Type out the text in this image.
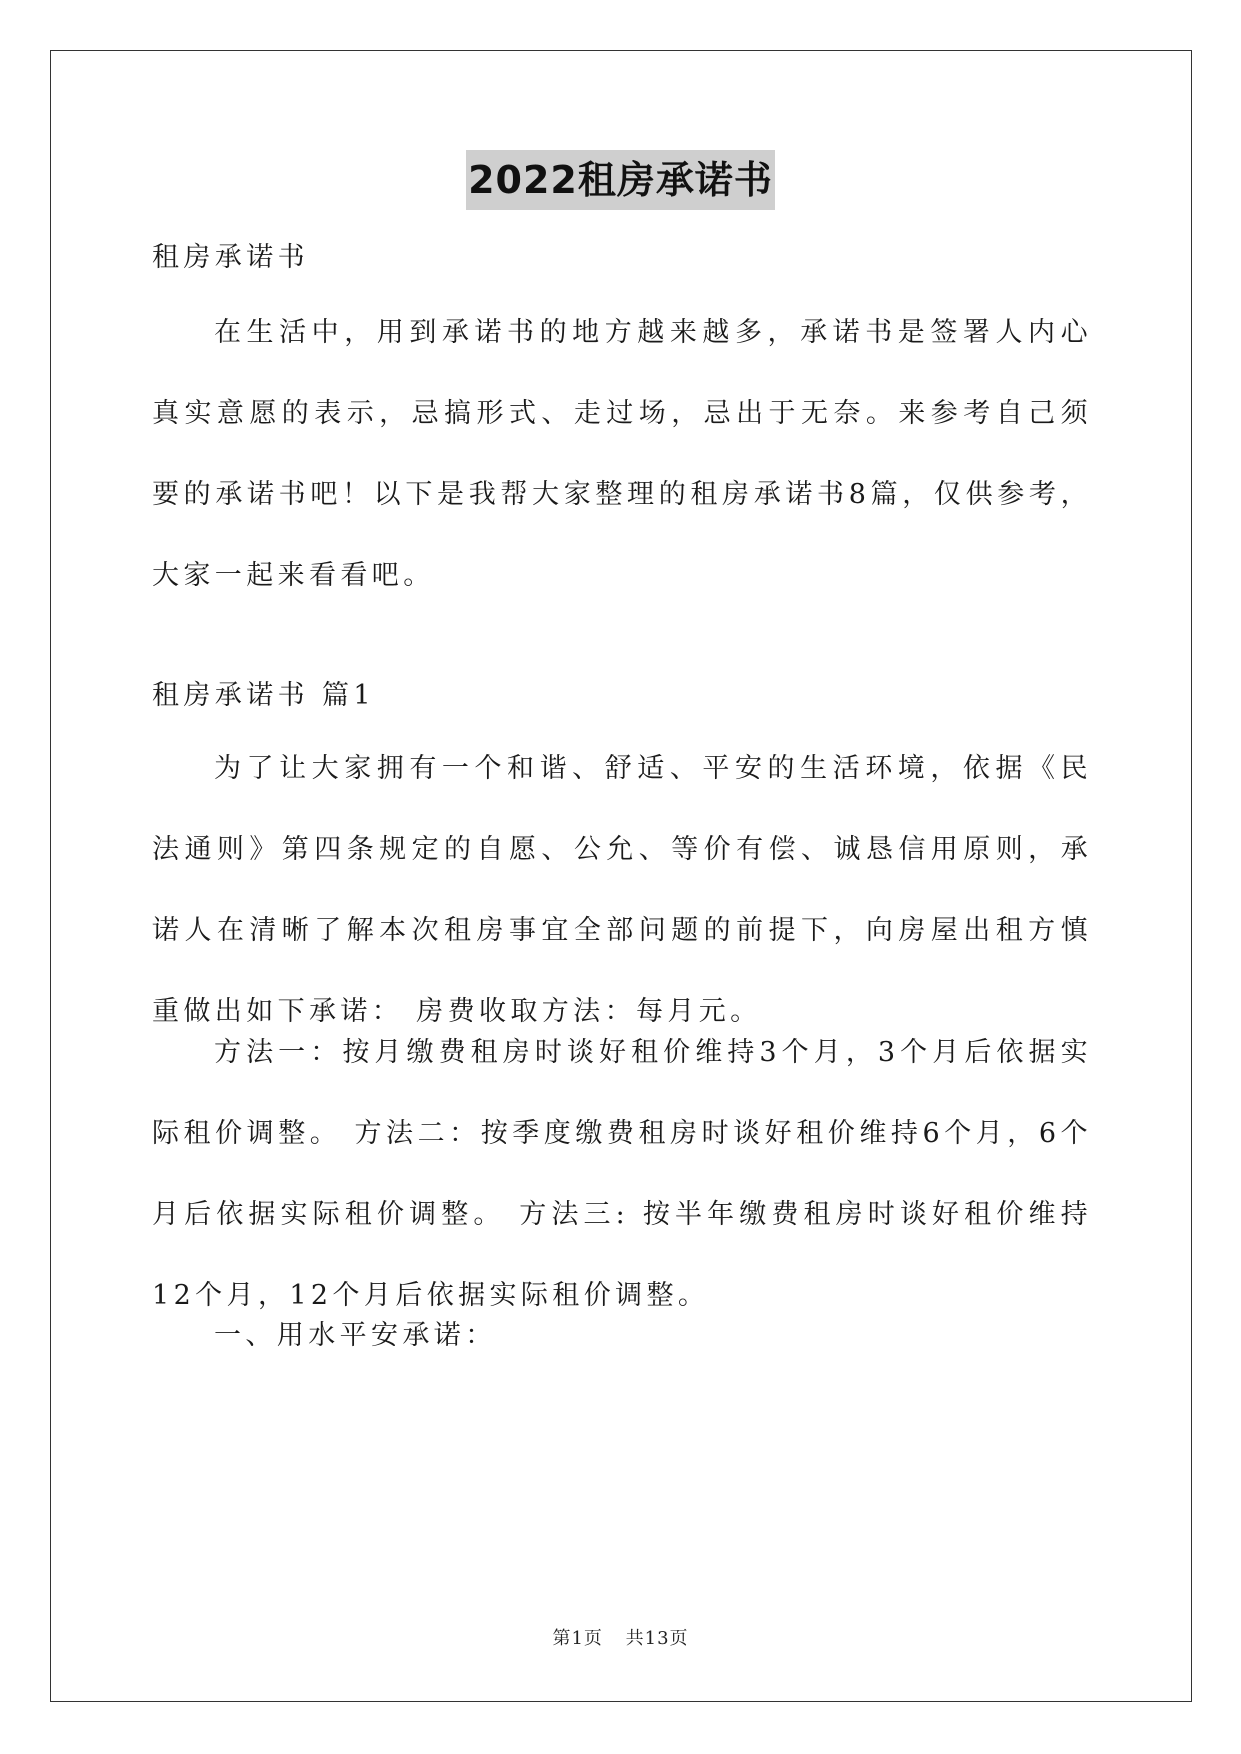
2022租房承诺书

租房承诺书

在生活中，用到承诺书的地方越来越多，承诺书是签署人内心真实意愿的表示，忌搞形式、走过场，忌出于无奈。来参考自己须要的承诺书吧！以下是我帮大家整理的租房承诺书8篇，仅供参考，大家一起来看看吧。

租房承诺书 篇1

为了让大家拥有一个和谐、舒适、平安的生活环境，依据《民法通则》第四条规定的自愿、公允、等价有偿、诚恳信用原则，承诺人在清晰了解本次租房事宜全部问题的前提下，向房屋出租方慎重做出如下承诺： 房费收取方法：每月元。

方法一：按月缴费租房时谈好租价维持3个月，3个月后依据实际租价调整。 方法二：按季度缴费租房时谈好租价维持6个月，6个月后依据实际租价调整。 方法三: 按半年缴费租房时谈好租价维持12个月，12个月后依据实际租价调整。

一、用水平安承诺：

第1页 共13页
